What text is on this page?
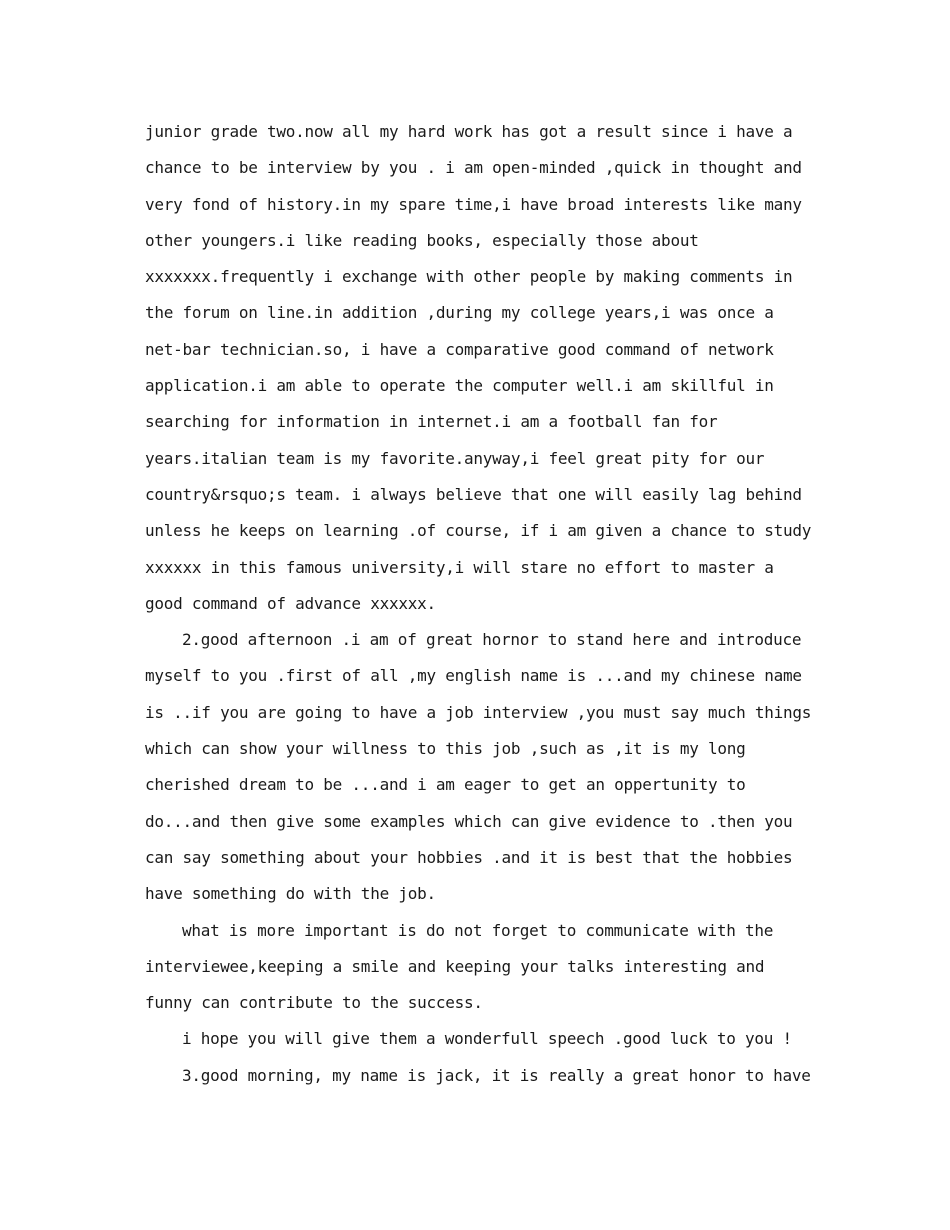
junior grade two.now all my hard work has got a result since i have a
chance to be interview by you . i am open-minded ,quick in thought and
very fond of history.in my spare time,i have broad interests like many
other youngers.i like reading books, especially those about
xxxxxxx.frequently i exchange with other people by making comments in
the forum on line.in addition ,during my college years,i was once a
net-bar technician.so, i have a comparative good command of network
application.i am able to operate the computer well.i am skillful in
searching for information in internet.i am a football fan for
years.italian team is my favorite.anyway,i feel great pity for our
country&rsquo;s team. i always believe that one will easily lag behind
unless he keeps on learning .of course, if i am given a chance to study
xxxxxx in this famous university,i will stare no effort to master a
good command of advance xxxxxx.
2.good afternoon .i am of great hornor to stand here and introduce
myself to you .first of all ,my english name is ...and my chinese name
is ..if you are going to have a job interview ,you must say much things
which can show your willness to this job ,such as ,it is my long
cherished dream to be ...and i am eager to get an oppertunity to
do...and then give some examples which can give evidence to .then you
can say something about your hobbies .and it is best that the hobbies
have something do with the job.
what is more important is do not forget to communicate with the
interviewee,keeping a smile and keeping your talks interesting and
funny can contribute to the success.
i hope you will give them a wonderfull speech .good luck to you !
3.good morning, my name is jack, it is really a great honor to have
